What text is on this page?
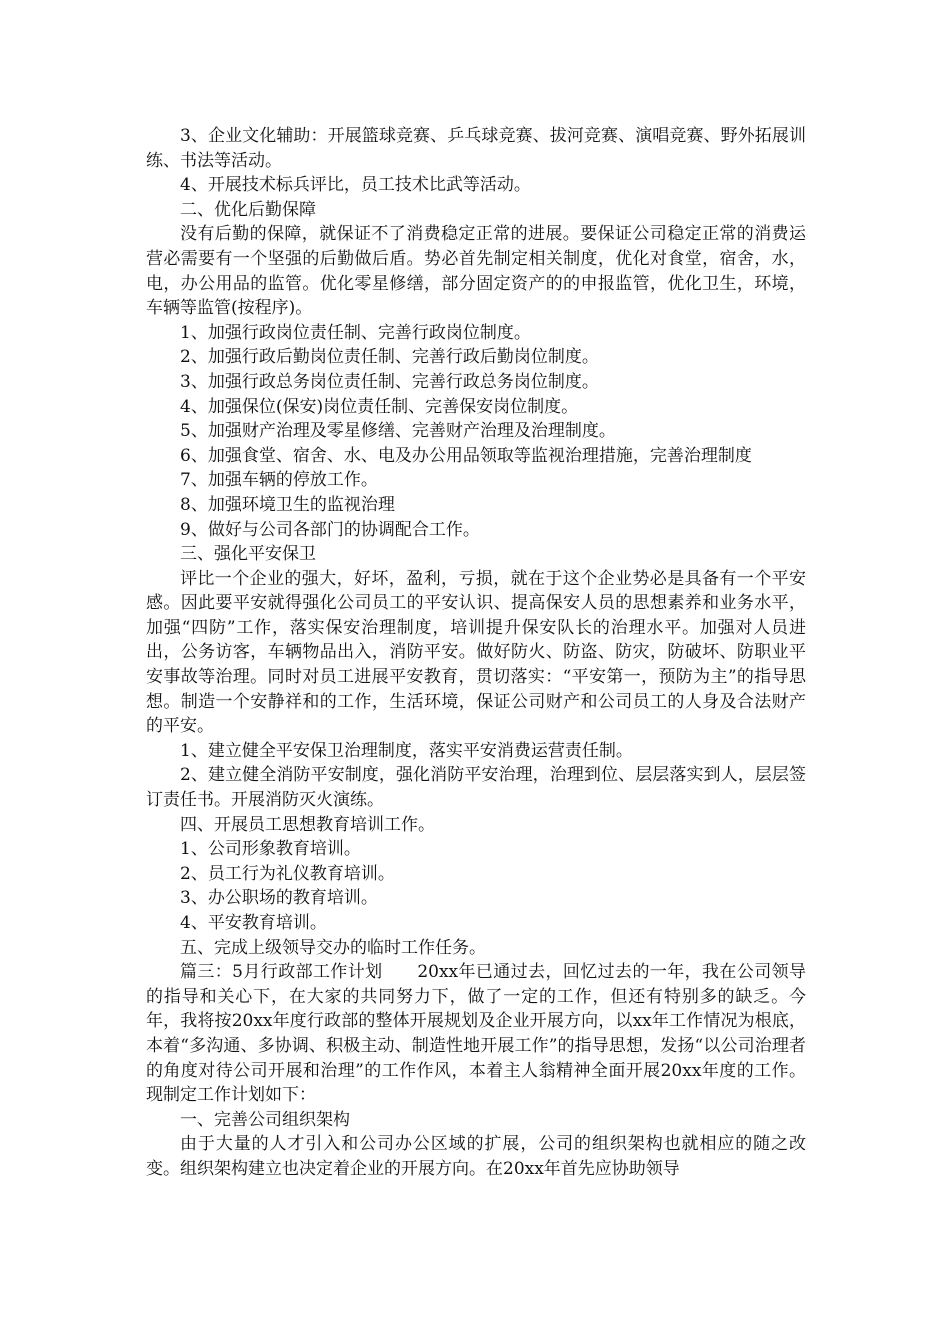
3、企业文化辅助：开展篮球竞赛、乒乓球竞赛、拔河竞赛、演唱竞赛、野外拓展训练、书法等活动。

4、开展技术标兵评比，员工技术比武等活动。

二、优化后勤保障

没有后勤的保障，就保证不了消费稳定正常的进展。要保证公司稳定正常的消费运营必需要有一个坚强的后勤做后盾。势必首先制定相关制度，优化对食堂，宿舍，水，电，办公用品的监管。优化零星修缮，部分固定资产的的申报监管，优化卫生，环境，车辆等监管(按程序)。

1、加强行政岗位责任制、完善行政岗位制度。

2、加强行政后勤岗位责任制、完善行政后勤岗位制度。

3、加强行政总务岗位责任制、完善行政总务岗位制度。

4、加强保位(保安)岗位责任制、完善保安岗位制度。

5、加强财产治理及零星修缮、完善财产治理及治理制度。

6、加强食堂、宿舍、水、电及办公用品领取等监视治理措施，完善治理制度

7、加强车辆的停放工作。

8、加强环境卫生的监视治理

9、做好与公司各部门的协调配合工作。

三、强化平安保卫

评比一个企业的强大，好坏，盈利，亏损，就在于这个企业势必是具备有一个平安感。因此要平安就得强化公司员工的平安认识、提高保安人员的思想素养和业务水平，加强“四防”工作，落实保安治理制度，培训提升保安队长的治理水平。加强对人员进出，公务访客，车辆物品出入，消防平安。做好防火、防盗、防灾，防破坏、防职业平安事故等治理。同时对员工进展平安教育，贯切落实：“平安第一，预防为主”的指导思想。制造一个安静祥和的工作，生活环境，保证公司财产和公司员工的人身及合法财产的平安。

1、建立健全平安保卫治理制度，落实平安消费运营责任制。

2、建立健全消防平安制度，强化消防平安治理，治理到位、层层落实到人，层层签订责任书。开展消防灭火演练。

四、开展员工思想教育培训工作。

1、公司形象教育培训。

2、员工行为礼仪教育培训。

3、办公职场的教育培训。

4、平安教育培训。

五、完成上级领导交办的临时工作任务。

篇三：5月行政部工作计划　　20xx年已通过去，回忆过去的一年，我在公司领导的指导和关心下，在大家的共同努力下，做了一定的工作，但还有特别多的缺乏。今年，我将按20xx年度行政部的整体开展规划及企业开展方向，以xx年工作情况为根底，本着“多沟通、多协调、积极主动、制造性地开展工作”的指导思想，发扬“以公司治理者的角度对待公司开展和治理”的工作作风，本着主人翁精神全面开展20xx年度的工作。现制定工作计划如下：

一、完善公司组织架构

由于大量的人才引入和公司办公区域的扩展，公司的组织架构也就相应的随之改变。组织架构建立也决定着企业的开展方向。在20xx年首先应协助领导
